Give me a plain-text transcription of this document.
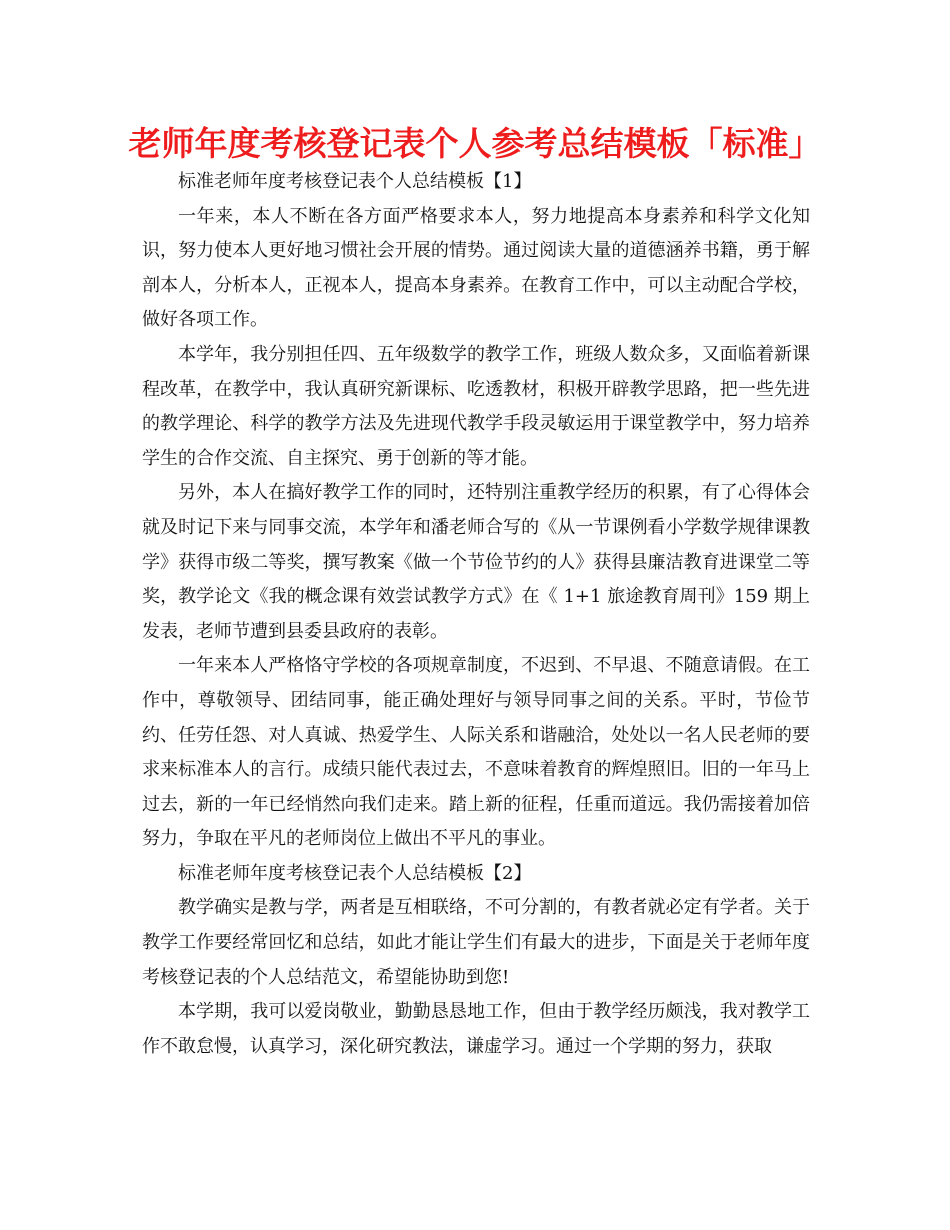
老师年度考核登记表个人参考总结模板「标准」

标准老师年度考核登记表个人总结模板【1】

一年来，本人不断在各方面严格要求本人，努力地提高本身素养和科学文化知识，努力使本人更好地习惯社会开展的情势。通过阅读大量的道德涵养书籍，勇于解剖本人，分析本人，正视本人，提高本身素养。在教育工作中，可以主动配合学校，做好各项工作。

本学年，我分别担任四、五年级数学的教学工作，班级人数众多，又面临着新课程改革，在教学中，我认真研究新课标、吃透教材，积极开辟教学思路，把一些先进的教学理论、科学的教学方法及先进现代教学手段灵敏运用于课堂教学中，努力培养学生的合作交流、自主探究、勇于创新的等才能。

另外，本人在搞好教学工作的同时，还特别注重教学经历的积累，有了心得体会就及时记下来与同事交流，本学年和潘老师合写的《从一节课例看小学数学规律课教学》获得市级二等奖，撰写教案《做一个节俭节约的人》获得县廉洁教育进课堂二等奖，教学论文《我的概念课有效尝试教学方式》在《 1+1 旅途教育周刊》159 期上发表，老师节遭到县委县政府的表彰。

一年来本人严格恪守学校的各项规章制度，不迟到、不早退、不随意请假。在工作中，尊敬领导、团结同事，能正确处理好与领导同事之间的关系。平时，节俭节约、任劳任怨、对人真诚、热爱学生、人际关系和谐融洽，处处以一名人民老师的要求来标准本人的言行。成绩只能代表过去，不意味着教育的辉煌照旧。旧的一年马上过去，新的一年已经悄然向我们走来。踏上新的征程，任重而道远。我仍需接着加倍努力，争取在平凡的老师岗位上做出不平凡的事业。

标准老师年度考核登记表个人总结模板【2】

教学确实是教与学，两者是互相联络，不可分割的，有教者就必定有学者。关于教学工作要经常回忆和总结，如此才能让学生们有最大的进步，下面是关于老师年度考核登记表的个人总结范文，希望能协助到您!

本学期，我可以爱岗敬业，勤勤恳恳地工作，但由于教学经历颇浅，我对教学工作不敢怠慢，认真学习，深化研究教法，谦虚学习。通过一个学期的努力，获取
